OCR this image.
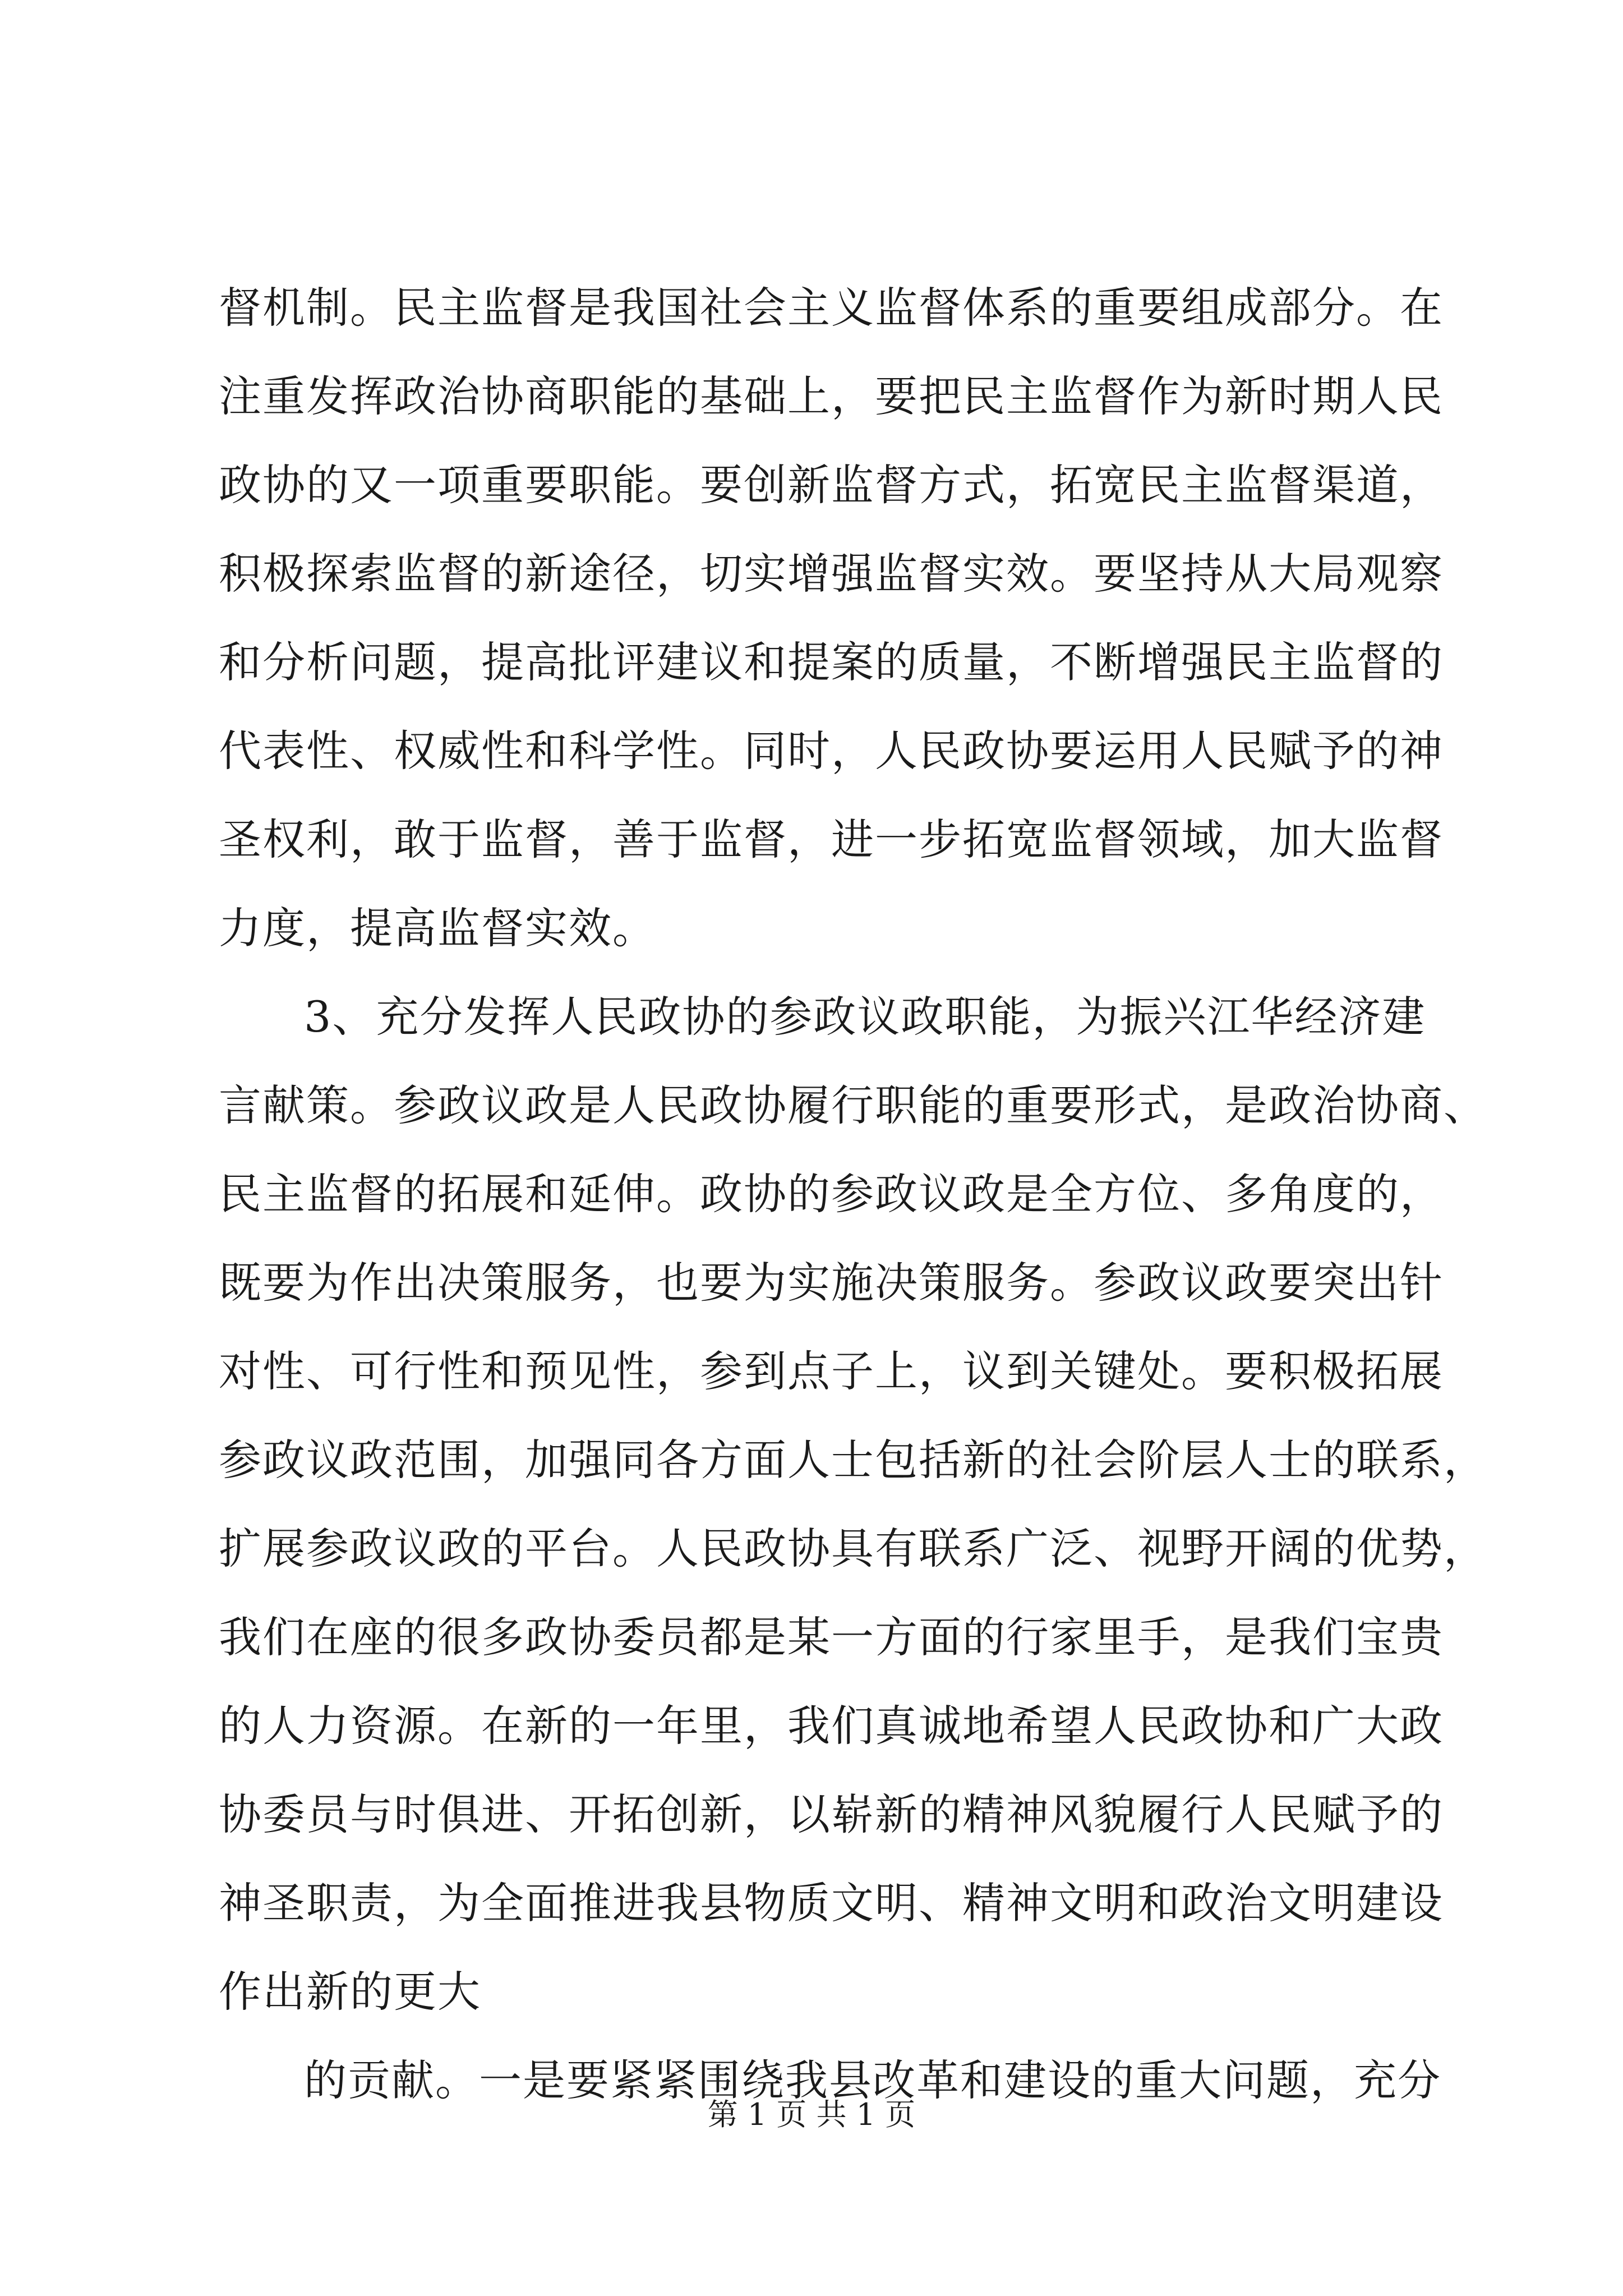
督机制。民主监督是我国社会主义监督体系的重要组成部分。在
注重发挥政治协商职能的基础上，要把民主监督作为新时期人民
政协的又一项重要职能。要创新监督方式，拓宽民主监督渠道，
积极探索监督的新途径，切实增强监督实效。要坚持从大局观察
和分析问题，提高批评建议和提案的质量，不断增强民主监督的
代表性、权威性和科学性。同时，人民政协要运用人民赋予的神
圣权利，敢于监督，善于监督，进一步拓宽监督领域，加大监督
力度，提高监督实效。
3、充分发挥人民政协的参政议政职能，为振兴江华经济建
言献策。参政议政是人民政协履行职能的重要形式，是政治协商、
民主监督的拓展和延伸。政协的参政议政是全方位、多角度的，
既要为作出决策服务，也要为实施决策服务。参政议政要突出针
对性、可行性和预见性，参到点子上，议到关键处。要积极拓展
参政议政范围，加强同各方面人士包括新的社会阶层人士的联系，
扩展参政议政的平台。人民政协具有联系广泛、视野开阔的优势，
我们在座的很多政协委员都是某一方面的行家里手，是我们宝贵
的人力资源。在新的一年里，我们真诚地希望人民政协和广大政
协委员与时俱进、开拓创新，以崭新的精神风貌履行人民赋予的
神圣职责，为全面推进我县物质文明、精神文明和政治文明建设
作出新的更大
的贡献。一是要紧紧围绕我县改革和建设的重大问题，充分
第 1 页 共 1 页
